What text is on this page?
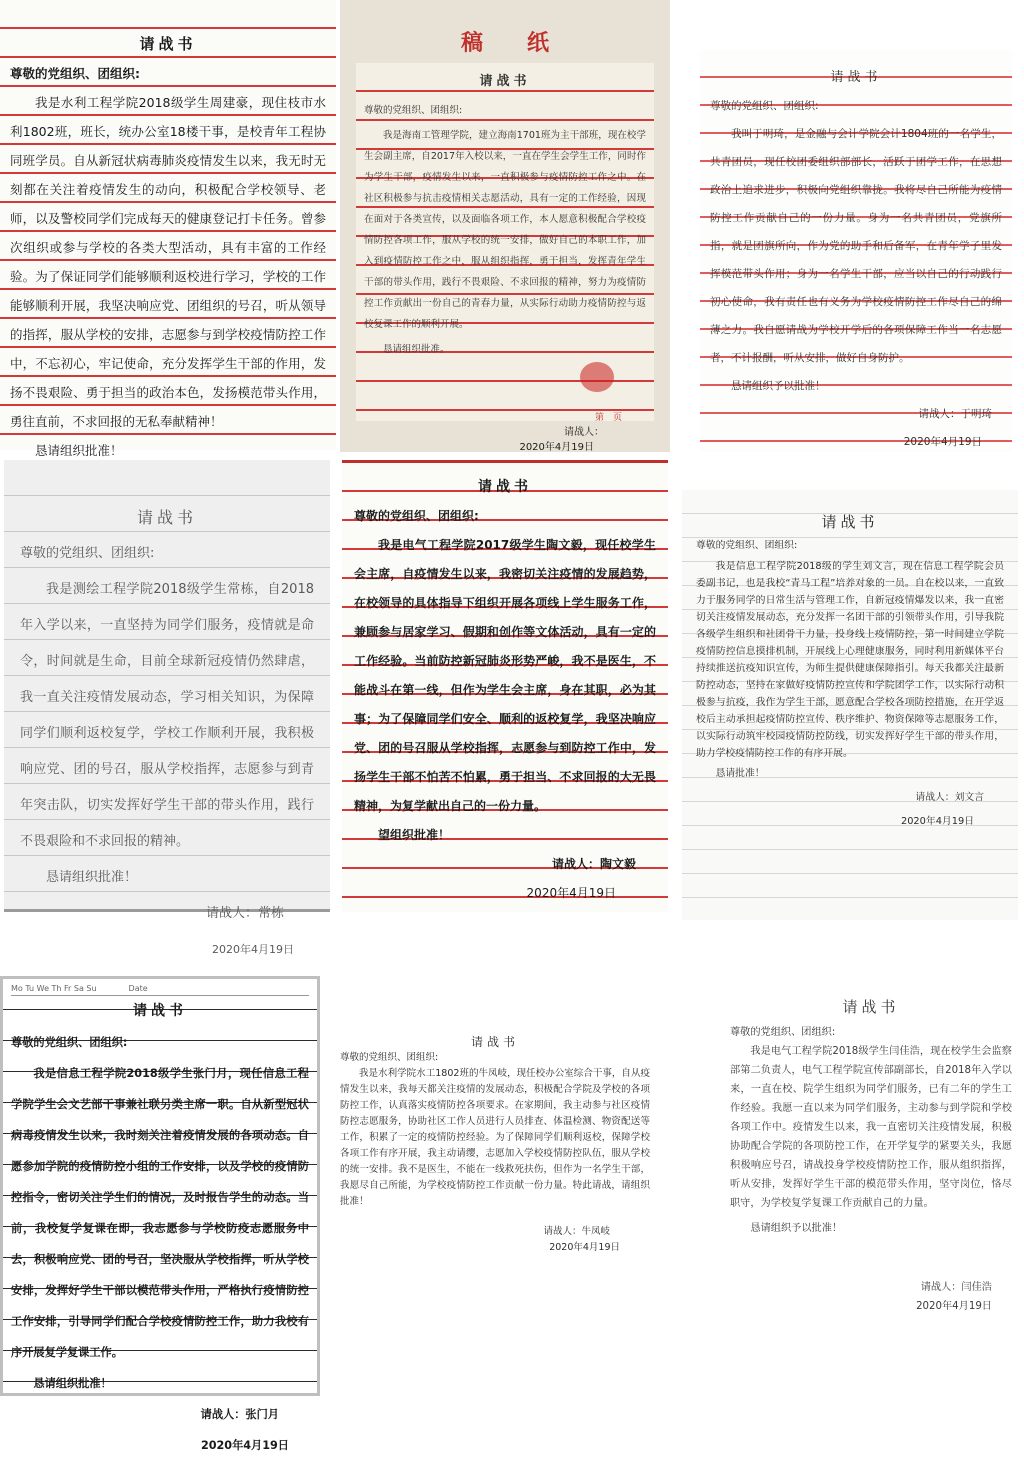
请战书

尊敬的党组织、团组织:

我是水利工程学院2018级学生周建豪，现住枝市水利1802班，班长，统办公室18楼干事，是校青年工程协同班学员。自从新冠状病毒肺炎疫情发生以来，我无时无刻都在关注着疫情发生的动向，积极配合学校领导、老师，以及警校同学们完成每天的健康登记打卡任务。曾参次组织或参与学校的各类大型活动，具有丰富的工作经验。为了保证同学们能够顺利返校进行学习，学校的工作能够顺利开展，我坚决响应党、团组织的号召，听从领导的指挥，服从学校的安排，志愿参与到学校疫情防控工作中，不忘初心，牢记使命，充分发挥学生干部的作用，发扬不畏艰险、勇于担当的政治本色，发扬模范带头作用，勇往直前，不求回报的无私奉献精神！

恳请组织批准！

稿　　纸

请战书

尊敬的党组织、团组织:

我是海南工管理学院，建立海南1701班为主干部班，现在校学生会副主席，自2017年入校以来，一直在学生会学生工作，同时作为学生干部，疫情发生以来，一直积极参与疫情防控工作之中。在社区积极参与抗击疫情相关志愿活动，具有一定的工作经验，因现在面对于各类宣传，以及面临各项工作，本人愿意积极配合学校疫情防控各项工作，服从学校的统一安排，做好自己的本职工作，加入到疫情防控工作之中，服从组织指挥，勇于担当，发挥青年学生干部的带头作用，践行不畏艰险、不求回报的精神，努力为疫情防控工作贡献出一份自己的青春力量，从实际行动助力疫情防控与返校复课工作的顺利开展。

恳请组织批准。

请战人：

2020年4月19日

第　页

请战书

尊敬的党组织、团组织:

我叫于明琦，是金融与会计学院会计1804班的一名学生，共青团员，现任校团委组织部部长，活跃于团学工作，在思想政治上追求进步，积极向党组织靠拢。我将尽自己所能为疫情防控工作贡献自己的一份力量。身为一名共青团员，党旗所指，就是团旗所向，作为党的助手和后备军，在青年学子里发挥模范带头作用；身为一名学生干部，应当以自己的行动践行初心使命，我有责任也有义务为学校疫情防控工作尽自己的绵薄之力。我自愿请战为学校开学后的各项保障工作当一名志愿者，不计报酬，听从安排，做好自身防护。

恳请组织予以批准！

请战人：于明琦

2020年4月19日

请战书

尊敬的党组织、团组织:

我是测绘工程学院2018级学生常栋，自2018年入学以来，一直坚持为同学们服务，疫情就是命令，时间就是生命，目前全球新冠疫情仍然肆虐，我一直关注疫情发展动态，学习相关知识，为保障同学们顺利返校复学，学校工作顺利开展，我积极响应党、团的号召，服从学校指挥，志愿参与到青年突击队，切实发挥好学生干部的带头作用，践行不畏艰险和不求回报的精神。

恳请组织批准！

请战人：常栋

2020年4月19日

请战书

尊敬的党组织、团组织:

我是电气工程学院2017级学生陶文毅，现任校学生会主席，自疫情发生以来，我密切关注疫情的发展趋势，在校领导的具体指导下组织开展各项线上学生服务工作，兼顾参与居家学习、假期和创作等文体活动，具有一定的工作经验。当前防控新冠肺炎形势严峻，我不是医生，不能战斗在第一线，但作为学生会主席，身在其职，必为其事；为了保障同学们安全、顺利的返校复学，我坚决响应党、团的号召服从学校指挥，志愿参与到防控工作中，发扬学生干部不怕苦不怕累，勇于担当、不求回报的大无畏精神，为复学献出自己的一份力量。

望组织批准！

请战人：陶文毅

2020年4月19日

请战书

尊敬的党组织、团组织:

我是信息工程学院2018级的学生刘文言，现在信息工程学院会员委副书记，也是我校“青马工程”培养对象的一员。自在校以来，一直致力于服务同学的日常生活与管理工作，自新冠疫情爆发以来，我一直密切关注疫情发展动态，充分发挥一名团干部的引领带头作用，引导我院各级学生组织和社团骨干力量，投身线上疫情防控，第一时间建立学院疫情防控信息摸排机制，开展线上心理健康服务，同时利用新媒体平台持续推送抗疫知识宣传，为师生提供健康保障指引。每天我都关注最新防控动态，坚持在家做好疫情防控宣传和学院团学工作，以实际行动积极参与抗疫，我作为学生干部，愿意配合学校各项防控措施，在开学返校后主动承担起疫情防控宣传、秩序维护、物资保障等志愿服务工作，以实际行动筑牢校园疫情防控防线，切实发挥好学生干部的带头作用，助力学校疫情防控工作的有序开展。

恳请批准！

请战人：刘文言

2020年4月19日

Mo Tu We Th Fr Sa Su　　　　Date

请战书

尊敬的党组织、团组织:

我是信息工程学院2018级学生张门月，现任信息工程学院学生会文艺部干事兼社联另类主席一职。自从新型冠状病毒疫情发生以来，我时刻关注着疫情发展的各项动态。自愿参加学院的疫情防控小组的工作安排，以及学校的疫情防控指令，密切关注学生们的情况，及时报告学生的动态。当前，我校复学复课在即，我志愿参与学校防疫志愿服务中去，积极响应党、团的号召，坚决服从学校指挥，听从学校安排，发挥好学生干部以模范带头作用，严格执行疫情防控工作安排，引导同学们配合学校疫情防控工作，助力我校有序开展复学复课工作。

恳请组织批准！

请战人：张门月

2020年4月19日

请战书

尊敬的党组织、团组织:

我是水利学院水工1802班的牛凤岐，现任校办公室综合干事，自从疫情发生以来，我每天都关注疫情的发展动态，积极配合学院及学校的各项防控工作，认真落实疫情防控各项要求。在家期间，我主动参与社区疫情防控志愿服务，协助社区工作人员进行人员排查、体温检测、物资配送等工作，积累了一定的疫情防控经验。为了保障同学们顺利返校，保障学校各项工作有序开展，我主动请缨，志愿加入学校疫情防控队伍，服从学校的统一安排。我不是医生，不能在一线救死扶伤，但作为一名学生干部，我愿尽自己所能，为学校疫情防控工作贡献一份力量。特此请战，请组织批准！

请战人：牛凤岐

2020年4月19日

请战书

尊敬的党组织、团组织:

我是电气工程学院2018级学生闫佳浩，现在校学生会监察部第二负责人，电气工程学院宣传部副部长，自2018年入学以来，一直在校、院学生组织为同学们服务，已有二年的学生工作经验。我愿一直以来为同学们服务，主动参与到学院和学校各项工作中。疫情发生以来，我一直密切关注疫情发展，积极协助配合学院的各项防控工作，在开学复学的紧要关头，我愿积极响应号召，请战投身学校疫情防控工作，服从组织指挥，听从安排，发挥好学生干部的模范带头作用，坚守岗位，恪尽职守，为学校复学复课工作贡献自己的力量。

恳请组织予以批准！

请战人：闫佳浩

2020年4月19日
